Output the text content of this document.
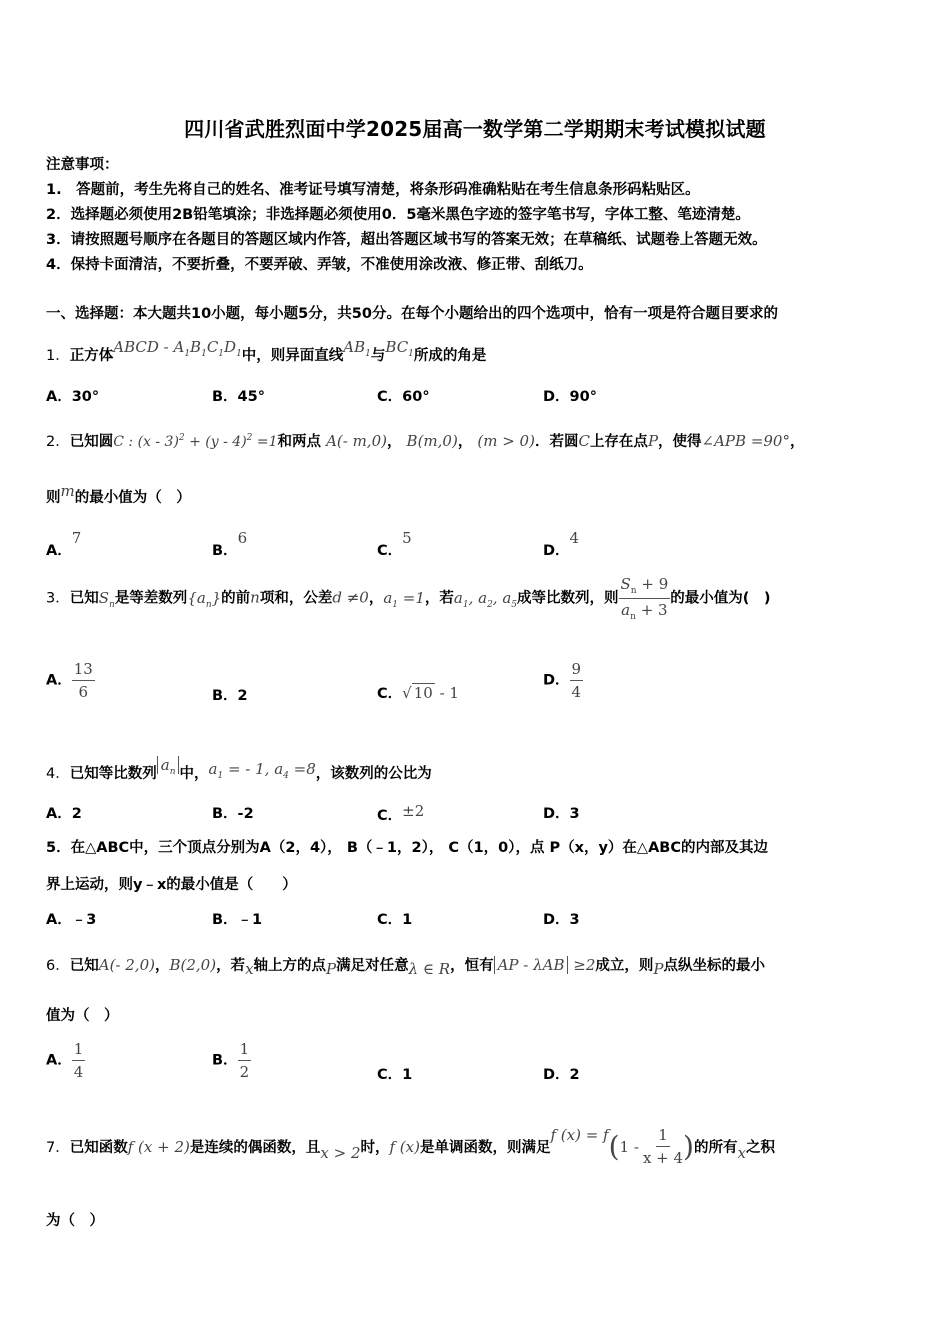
四川省武胜烈面中学2025届高一数学第二学期期末考试模拟试题
注意事项：
1.　答题前，考生先将自己的姓名、准考证号填写清楚，将条形码准确粘贴在考生信息条形码粘贴区。
2．选择题必须使用2B铅笔填涂；非选择题必须使用0．5毫米黑色字迹的签字笔书写，字体工整、笔迹清楚。
3．请按照题号顺序在各题目的答题区域内作答，超出答题区域书写的答案无效；在草稿纸、试题卷上答题无效。
4．保持卡面清洁，不要折叠，不要弄破、弄皱，不准使用涂改液、修正带、刮纸刀。
一、选择题：本大题共10小题，每小题5分，共50分。在每个小题给出的四个选项中，恰有一项是符合题目要求的
1．正方体ABCD - $A_1B_1C_1D_1$中，则异面直线$AB_1$与$BC_1$所成的角是
A．30°	B．45°	C．60°	D．90°
2．已知圆C : (x - 3)$^2$ + (y - 4)$^2$ =1和两点 A(- m,0)， B(m,0)， (m > 0)．若圆C上存在点P，使得∠APB =90°，
则m的最小值为（　）
A．7
B．6
C．5
D．4
3．已知$S_n$是等差数列$\{a_n\}$的前n项和，公差d ≠0，$a_1 =1$，若$a_1$, $a_2$, $a_5$成等比数列，则 $\frac{S_n + 9}{a_n + 3}$ 的最小值为(　)
A． $\frac{13}{6}$	B．2	C．√ 10 - 1
D． $\frac{9}{4}$
4．已知等比数列 $a_n$ 中，$a_1$ = - 1, $a_4 =8$，该数列的公比为
A．2	B．-2	C．±2	D．3
5．在△ABC中，三个顶点分别为A（2，4）， B（﹣1，2）， C（1，0），点 P（x，y）在△ABC的内部及其边
界上运动，则y﹣x的最小值是（　　）
A．﹣3	B．﹣1	C．1	D．3
6．已知A(- 2,0)，B(2,0)，若x轴上方的点P满足对任意λ ∈ R，恒有 AP - λAB ≥2成立，则P点纵坐标的最小
值为（　）
A． $\frac{1}{4}$	B． $\frac{1}{2}$	C．1	D．2
7． 已知函数 f (x + 2) 是连续的偶函数，且 x > 2 时， f (x) 是单调函数，则满足
f (x) = f ( $1 - \frac{1}{x + 4}$ ) 的所有 x 之积
为（　）
